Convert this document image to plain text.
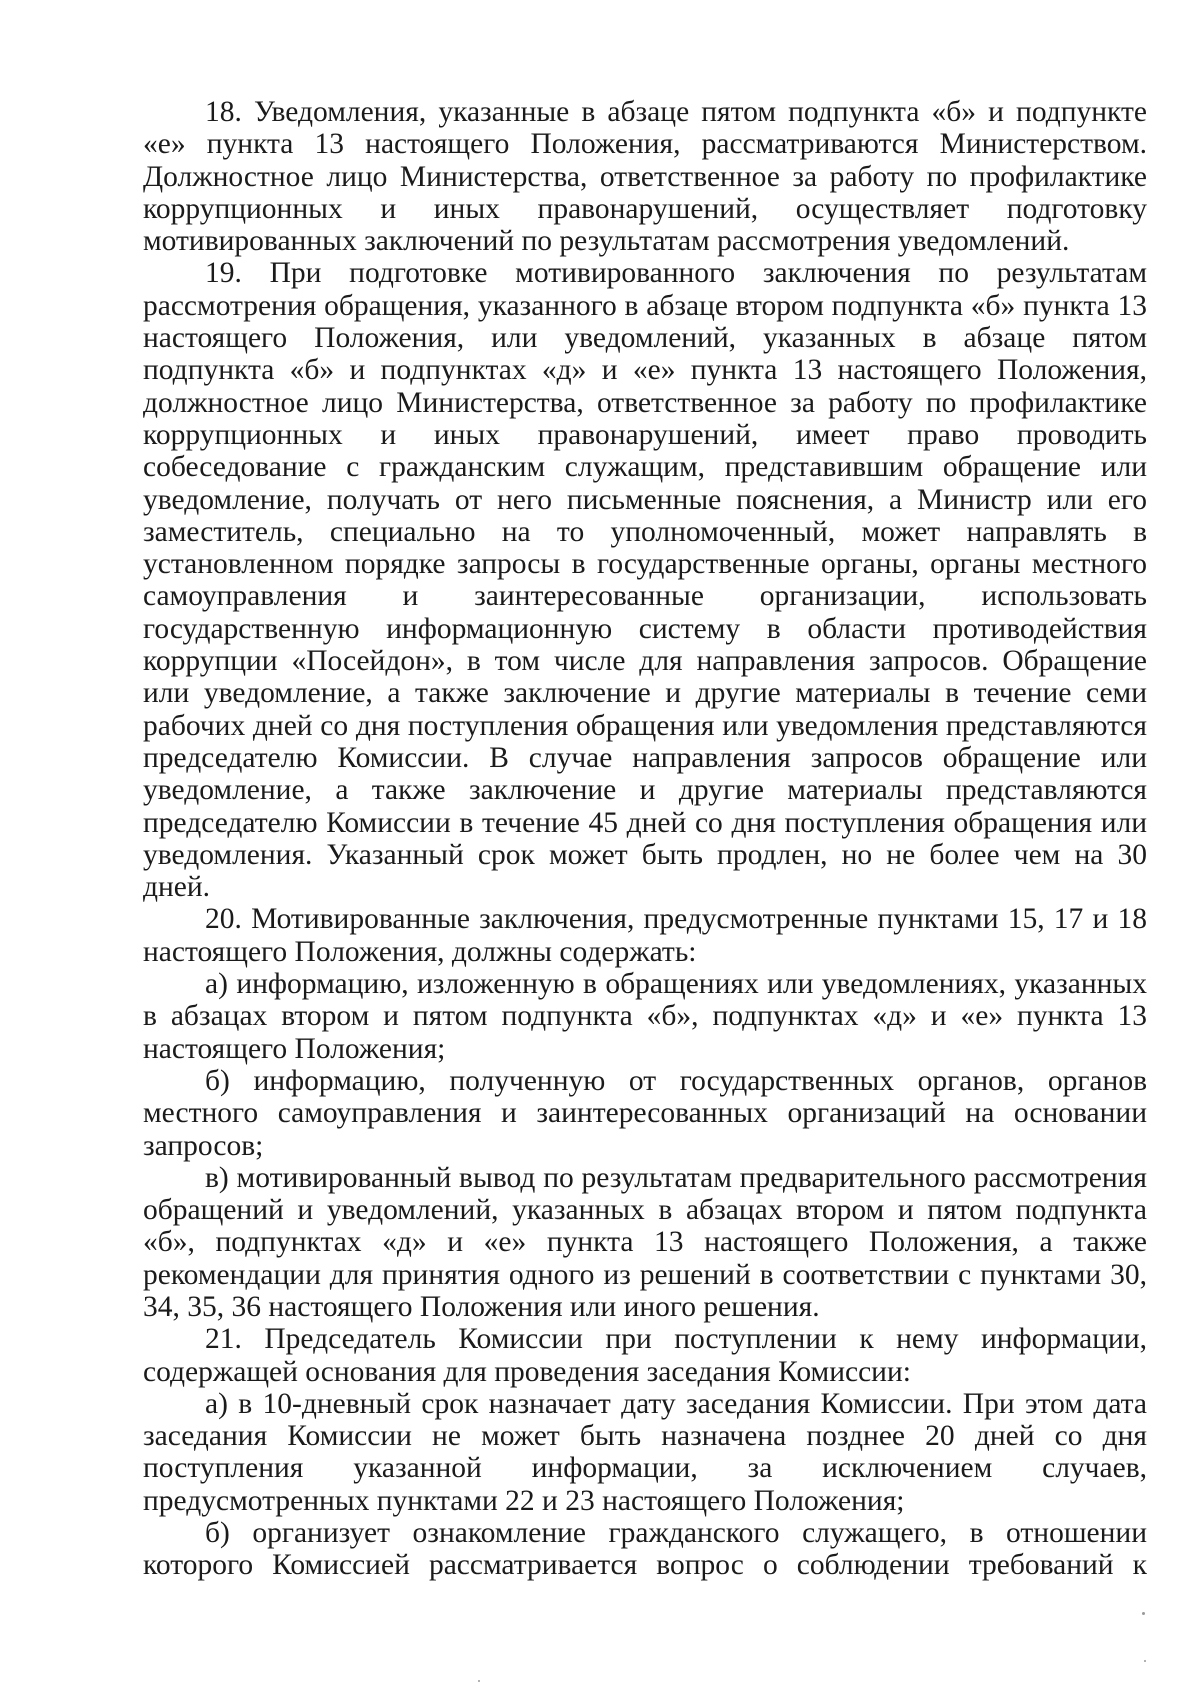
18. Уведомления, указанные в абзаце пятом подпункта «б» и подпункте «е» пункта 13 настоящего Положения, рассматриваются Министерством. Должностное лицо Министерства, ответственное за работу по профилактике коррупционных и иных правонарушений, осуществляет подготовку мотивированных заключений по результатам рассмотрения уведомлений.

19. При подготовке мотивированного заключения по результатам рассмотрения обращения, указанного в абзаце втором подпункта «б» пункта 13 настоящего Положения, или уведомлений, указанных в абзаце пятом подпункта «б» и подпунктах «д» и «е» пункта 13 настоящего Положения, должностное лицо Министерства, ответственное за работу по профилактике коррупционных и иных правонарушений, имеет право проводить собеседование с гражданским служащим, представившим обращение или уведомление, получать от него письменные пояснения, а Министр или его заместитель, специально на то уполномоченный, может направлять в установленном порядке запросы в государственные органы, органы местного самоуправления и заинтересованные организации, использовать государственную информационную систему в области противодействия коррупции «Посейдон», в том числе для направления запросов. Обращение или уведомление, а также заключение и другие материалы в течение семи рабочих дней со дня поступления обращения или уведомления представляются председателю Комиссии. В случае направления запросов обращение или уведомление, а также заключение и другие материалы представляются председателю Комиссии в течение 45 дней со дня поступления обращения или уведомления. Указанный срок может быть продлен, но не более чем на 30 дней.

20. Мотивированные заключения, предусмотренные пунктами 15, 17 и 18 настоящего Положения, должны содержать:

а) информацию, изложенную в обращениях или уведомлениях, указанных в абзацах втором и пятом подпункта «б», подпунктах «д» и «е» пункта 13 настоящего Положения;

б) информацию, полученную от государственных органов, органов местного самоуправления и заинтересованных организаций на основании запросов;

в) мотивированный вывод по результатам предварительного рассмотрения обращений и уведомлений, указанных в абзацах втором и пятом подпункта «б», подпунктах «д» и «е» пункта 13 настоящего Положения, а также рекомендации для принятия одного из решений в соответствии с пунктами 30, 34, 35, 36 настоящего Положения или иного решения.

21. Председатель Комиссии при поступлении к нему информации, содержащей основания для проведения заседания Комиссии:

а) в 10-дневный срок назначает дату заседания Комиссии. При этом дата заседания Комиссии не может быть назначена позднее 20 дней со дня поступления указанной информации, за исключением случаев, предусмотренных пунктами 22 и 23 настоящего Положения;

б) организует ознакомление гражданского служащего, в отношении которого Комиссией рассматривается вопрос о соблюдении требований к
